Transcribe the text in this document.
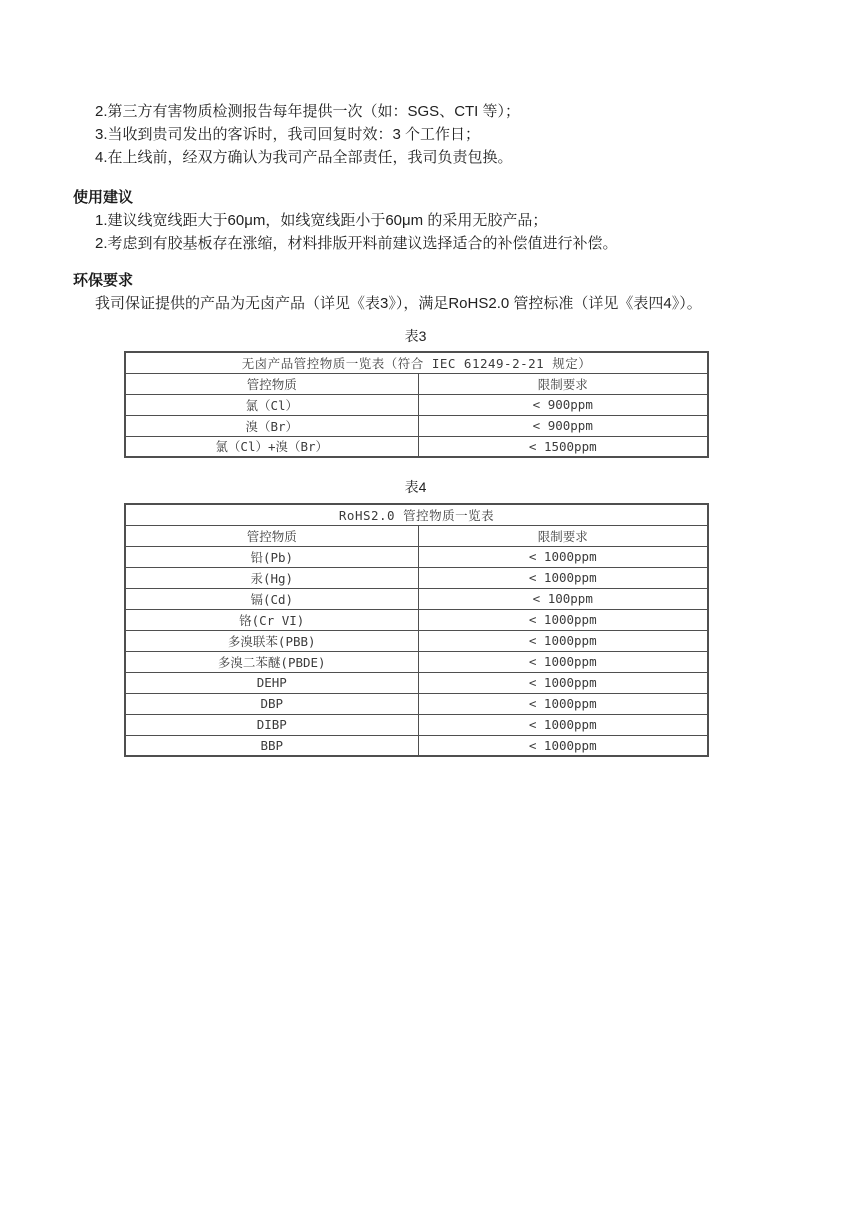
2.第三方有害物质检测报告每年提供一次（如：SGS、CTI 等）；
3.当收到贵司发出的客诉时，我司回复时效：3 个工作日；
4.在上线前，经双方确认为我司产品全部责任，我司负责包换。
使用建议
1.建议线宽线距大于60μm，如线宽线距小于60μm 的采用无胶产品；
2.考虑到有胶基板存在涨缩，材料排版开料前建议选择适合的补偿值进行补偿。
环保要求
我司保证提供的产品为无卤产品（详见《表3》），满足RoHS2.0 管控标准（详见《表四4》）。
表3
无卤产品管控物质一览表（符合 IEC 61249-2-21 规定）	
管控物质	限制要求
氯（Cl）	< 900ppm
溴（Br）	< 900ppm
氯（Cl）+溴（Br）	< 1500ppm
表4
RoHS2.0 管控物质一览表	
管控物质	限制要求
铅(Pb)	< 1000ppm
汞(Hg)	< 1000ppm
镉(Cd)	< 100ppm
铬(Cr VI)	< 1000ppm
多溴联苯(PBB)	< 1000ppm
多溴二苯醚(PBDE)	< 1000ppm
DEHP	< 1000ppm
DBP	< 1000ppm
DIBP	< 1000ppm
BBP	< 1000ppm
